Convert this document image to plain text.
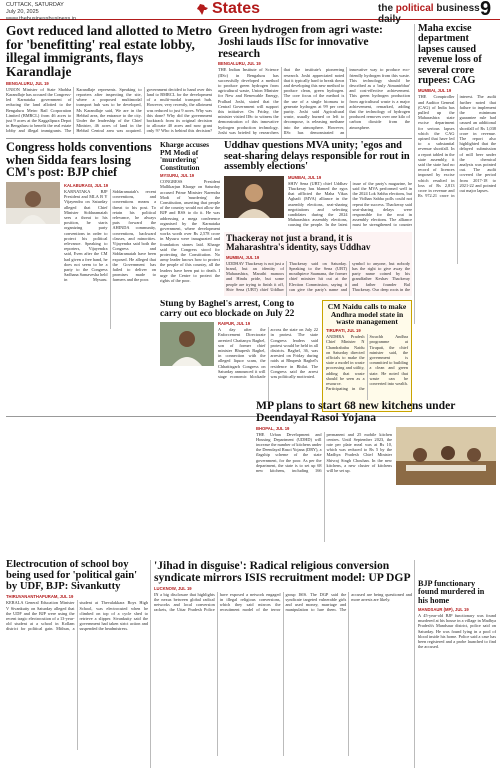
CUTTACK, SATURDAY
July 20, 2025
www.thebusinessbusiness.in
States	the political business daily	9
Govt reduced land allotted to Metro for 'benefitting' real estate lobby, illegal immigrants, flays Karandlaje
BENGALURU, JUL 19
UNION Minister of State Shobha Karandlaje has accused the Congress-led Karnataka government of reducing the land allotted to the Bengaluru Metro Rail Corporation Limited (BMRCL) from 46 acres to just 9 acres at the Kaggalipura Depot in Bengaluru to benefit the real estate lobby and illegal immigrants. The Karandlaje represents. Speaking to reporters after inspecting the site, where a proposed multimodal transport hub was to be developed, Ms Karandlaje said, We are in the Hebbal area, the entrance to the city. Under the leadership of the Chief Minister, 46 acres of land in the Hebbal Central area was acquired. government decided to hand over this land to BMRCL for the development of a multi-modal transport hub. However, very recently, the allotment was reduced to just 9 acres. Why was this done? Why did the government backtrack from its original decision to allocate 40 acres and now grant only 9? Who is behind this decision?
Green hydrogen from agri waste: Joshi lauds IISc for innovative research
BENGALURU, JUL 19
THE Indian Institute of Science (IISc) in Bengaluru has successfully developed a method to produce green hydrogen from agricultural waste, Union Minister for New and Renewable Energy, Pralhad Joshi, stated that the Central Government will support this initiative. On Friday, the minister visited IISc to witness the demonstration of this innovative hydrogen production technology. Joshi was briefed by researchers that the institute's pioneering research. Joshi appreciated noted that it typically hard to break down and developing this new method to produce clean, green hydrogen. The core focus of the method is the use of a single biomass to generate hydrogen at 99 per cent purity. Joshi said Agricultural waste, usually burned or left to decompose, is releasing methane into the atmosphere. However, IISc has demonstrated an innovative way to produce eco-friendly hydrogen from this waste. This technology should be described as a 'truly Atmanirbhar' and cost-effective achievement. This green hydrogen production from agricultural waste is a major achievement, remarked, adding that the technology of hydrogen produced removes over one kilo of carbon dioxide from the atmosphere.
Maha excise department lapses caused revenue loss of several crore rupees: CAG
MUMBAI, JUL 19
THE Comptroller and Auditor General (CAG) of India has pulled up the Maharashtra state excise department for serious lapses which the CAG opined that have led to a substantial revenue shortfall. In a report tabled in the state assembly, it said the state had no record of licences imposed by excise which resulted in loss of Rs 2,813 crore in revenue and Rs 972.21 crore in interest. The audit further noted that failure to implement the minimum guarantee rule had caused an additional shortfall of Rs 1,038 crore in revenue. The report also highlighted that the delayed submission of mill beer under the chemical analysis was pointed out. The audit covered the period from 2017-18 to 2021-22 and pointed out major lapses.
Congress holds conventions when Sidda fears losing CM's post: BJP chief
KALABURAGI, JUL 19
KARNATAKA BJP President and MLA B Y Vijayendra on Saturday alleged that Chief Minister Siddaramaiah sees a threat to his position, he starts organizing party conventions in order to protect his political relevance. Speaking to reporters, Vijayendra said, Even after the CM had given a free hand, he does not seem to be a party to the Congress Sadhana Samavesha held in Mysuru. Siddaramaiah's recent conventions, and conventions means a threat to his post. To retain his political relevance, he always puts forward the AHINDA community, conventions, backward classes, and minorities. Vijayendra said both the Congress and Siddaramaiah have been exposed. He alleged that the Government has failed to deliver on promises made to farmers and the poor.
Kharge accuses PM Modi of 'murdering' Constitution
MYSURU, JUL 19
CONGRESS President Mallikarjun Kharge on Saturday accused Prime Minister Narendra Modi of 'murdering' the Constitution, asserting that people of the country would not allow the BJP and RSS to do it. He was addressing a mega conference organised by the Karnataka government, where development works worth over Rs 2,578 crore in Mysuru were inaugurated and foundation stones laid. Kharge said the Congress stood for protecting the Constitution. No army leader knows how to protect the people of this country, all the leaders have been put to death. I urge the Centre to protect the rights of the poor.
Uddhav questions MVA unity; 'egos and seat-sharing delays responsible for rout in assembly elections'
MUMBAI, JUL 19
SHIV Sena (UBT) chief Uddhav Thackeray has blamed the egos that afflicted the Maha Vikas Aghadi (MVA) alliance in the assembly elections, seat-sharing negotiations and selecting candidates during the 2024 Maharashtra assembly elections, causing the people. In the latest issue of the party's magazine, he said the MVA performed well in the 2024 Lok Sabha elections, but the Vidhan Sabha polls could not repeat the success. Thackeray said seat-sharing delays were responsible for the rout in assembly elections. The alliance must be strengthened to counter
Thackeray not just a brand, it is Maharashtra's identity, says Uddhav
MUMBAI, JUL 19
UDDHAV Thackeray is not just a brand, but an identity of Maharashtra, Marathi manoos and Hindu pride, but some people are trying to finish it off, Shiv Sena (UBT) chief Uddhav Thackeray said on Saturday. Speaking to the Sena (UBT) mouthpiece Saamana, the former chief minister hit out at the Election Commission, saying it can give the party's name and symbol to anyone, but nobody has the right to give away the party name coined by his grandfather Keshav Thackeray and father founder Bal Thackeray. Our deep roots in the
Stung by Baghel's arrest, Cong to carry out eco blockade on July 22
RAIPUR, JUL 19
A day after the Enforcement Directorate arrested Chaitanya Baghel, son of former chief minister Bhupesh Baghel, in connection with the alleged liquor scam, the Chhattisgarh Congress on Saturday announced it will stage economic blockade across the state on July 22 in protest. The state Congress leaders said protest would be held in all districts. Baghel, 36, was arrested on Friday during raids at Bhupesh Baghel's residence in Bhilai. The Congress said the arrest was politically motivated.
CM Naidu calls to make Andhra model state in waste management
TIRUPATI, JUL 19
ANDHRA Pradesh Chief Minister N Chandrababu Naidu on Saturday directed officials to make the state a model in waste processing and utility, adding that waste should be seen as a resource. Participating in the Swachh Andhra programme at Tirupati, the chief minister said, the government is committed to building a clean and green state. He noted that waste can be converted into wealth.
MP plans to start 68 new kitchens under Deendayal Rasoi Yojana
BHOPAL, JUL 19
THE Urban Development and Housing Department (UDHD) will increase the number of kitchens under the Deendayal Rasoi Yojana (DRY), a flagship scheme of the state government, for the poor. As per the department, the state is to set up 68 new kitchens, including 166 permanent and 25 mobile kitchen centres. Until September 2023, the rate per plate meal was at Rs 10, which was reduced to Rs 5 by the Madhya Pradesh Chief Minister Shivraj Singh Chouhan. In the new kitchens, a new cluster of kitchens will be set up.
Electrocution of school boy being used for 'political gain' by UDF, BJP: Sivankutty
THIRUVANANTHAPURAM, JUL 19
KERALA General Education Minister V Sivankutty on Saturday alleged that the UDF and the BJP were using the recent tragic electrocution of a 13-year-old student at a school in Kollam district for political gain. Mithun, a student at Thevalakkara Boys High School, was electrocuted when he climbed on top of a cycle shed to retrieve a slipper. Sivankutty said the government had taken strict action and suspended the headmistress.
'Jihad in disguise': Radical religious conversion syndicate mirrors ISIS recruitment model: UP DGP
LUCKNOW, JUL 19
IN a big disclosure that highlights the nexus between global radical networks and local conversion rackets, the Uttar Pradesh Police have exposed a network engaged in illegal religious conversions, which they said mirrors the recruitment model of the terror group ISIS. The DGP said the syndicate targeted vulnerable girls and used money, marriage and manipulation to lure them. The accused are being questioned and more arrests are likely.
BJP functionary found murdered in his home
MANDSAUR (MP), JUL 19
A 45-year-old BJP functionary was found murdered at his house in a village in Madhya Pradesh's Mandsaur district, police said on Saturday. He was found lying in a pool of blood inside his home. Police said a case has been registered and a probe launched to find the accused.
